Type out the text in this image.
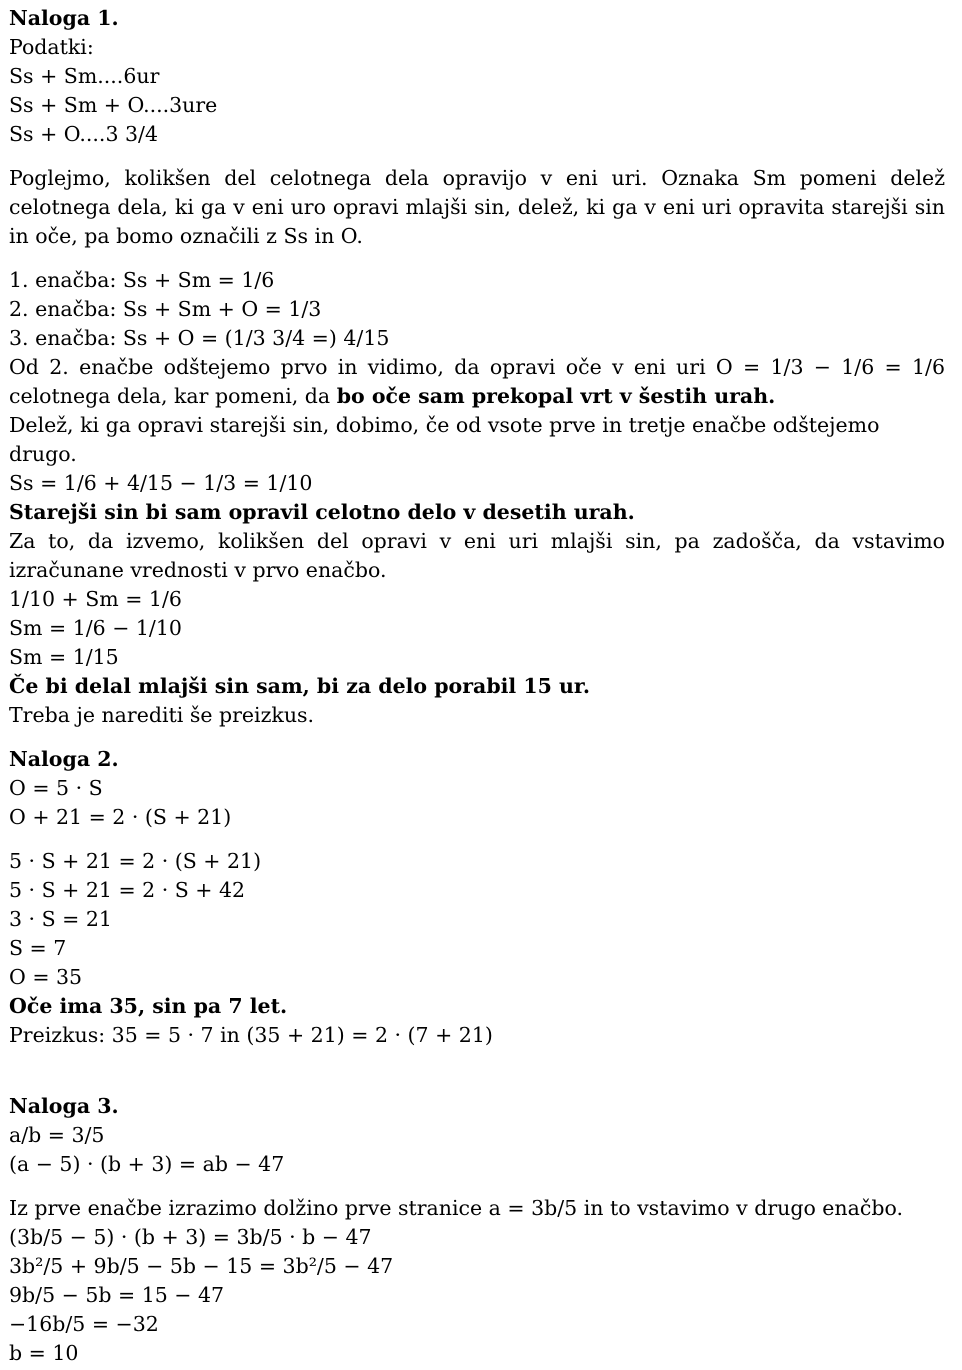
Naloga 1.
Podatki:
Ss + Sm....6ur
Ss + Sm + O....3ure
Ss + O....3 3/4
Poglejmo, kolikšen del celotnega dela opravijo v eni uri. Oznaka Sm pomeni delež celotnega dela, ki ga v eni uro opravi mlajši sin, delež, ki ga v eni uri opravita starejši sin in oče, pa bomo označili z Ss in O.
1. enačba: Ss + Sm = 1/6
2. enačba: Ss + Sm + O = 1/3
3. enačba: Ss + O = (1/3 3/4 =) 4/15
Od 2. enačbe odštejemo prvo in vidimo, da opravi oče v eni uri O = 1/3 − 1/6 = 1/6 celotnega dela, kar pomeni, da bo oče sam prekopal vrt v šestih urah.
Delež, ki ga opravi starejši sin, dobimo, če od vsote prve in tretje enačbe odštejemo drugo.
Ss = 1/6 + 4/15 − 1/3 = 1/10
Starejši sin bi sam opravil celotno delo v desetih urah.
Za to, da izvemo, kolikšen del opravi v eni uri mlajši sin, pa zadošča, da vstavimo izračunane vrednosti v prvo enačbo.
1/10 + Sm = 1/6
Sm = 1/6 − 1/10
Sm = 1/15
Če bi delal mlajši sin sam, bi za delo porabil 15 ur.
Treba je narediti še preizkus.
Naloga 2.
O = 5 · S
O + 21 = 2 · (S + 21)
5 · S + 21 = 2 · (S + 21)
5 · S + 21 = 2 · S + 42
3 · S = 21
S = 7
O = 35
Oče ima 35, sin pa 7 let.
Preizkus: 35 = 5 · 7 in (35 + 21) = 2 · (7 + 21)
Naloga 3.
a/b = 3/5
(a − 5) · (b + 3) = ab − 47
Iz prve enačbe izrazimo dolžino prve stranice a = 3b/5 in to vstavimo v drugo enačbo.
(3b/5 − 5) · (b + 3) = 3b/5 · b − 47
3b²/5 + 9b/5 − 5b − 15 = 3b²/5 − 47
9b/5 − 5b = 15 − 47
−16b/5 = −32
b = 10
